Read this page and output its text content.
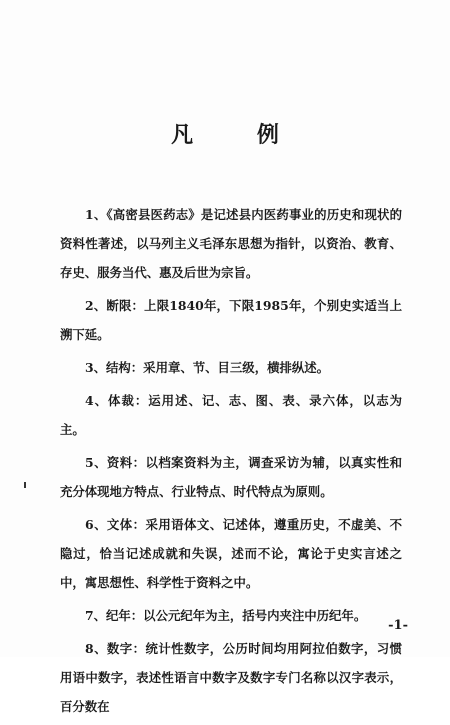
凡 例

1、《高密县医药志》是记述县内医药事业的历史和现状的资料性著述，以马列主义毛泽东思想为指针，以资治、教育、存史、服务当代、惠及后世为宗旨。

2、断限：上限1840年，下限1985年，个别史实适当上溯下延。

3、结构：采用章、节、目三级，横排纵述。

4、体裁：运用述、记、志、图、表、录六体，以志为主。

5、资料：以档案资料为主，调查采访为辅，以真实性和充分体现地方特点、行业特点、时代特点为原则。

6、文体：采用语体文、记述体，遵重历史，不虚美、不隐过，恰当记述成就和失误，述而不论，寓论于史实言述之中，寓思想性、科学性于资料之中。

7、纪年：以公元纪年为主，括号内夹注中历纪年。

8、数字：统计性数字，公历时间均用阿拉伯数字，习惯用语中数字，表述性语言中数字及数字专门名称以汉字表示，百分数在

-1-
